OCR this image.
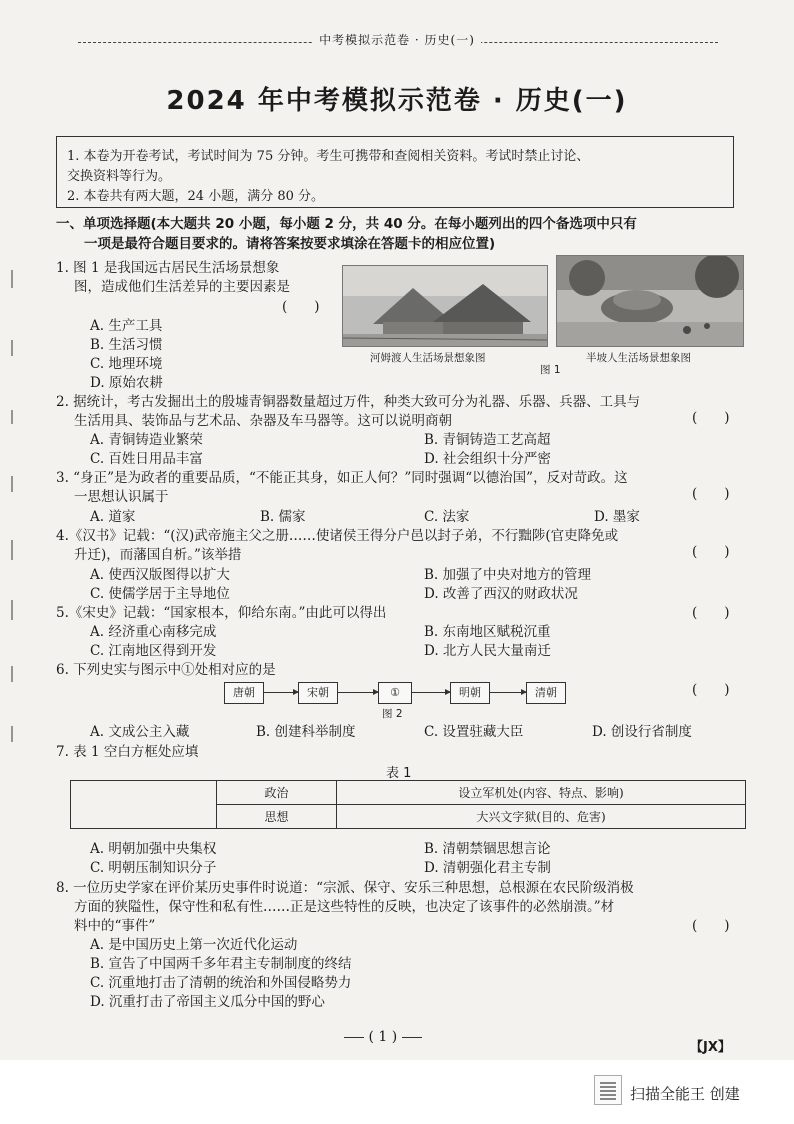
中考模拟示范卷 · 历史(一)
2024 年中考模拟示范卷 · 历史(一)
1. 本卷为开卷考试，考试时间为 75 分钟。考生可携带和查阅相关资料。考试时禁止讨论、
交换资料等行为。
2. 本卷共有两大题，24 小题，满分 80 分。
一、单项选择题(本大题共 20 小题，每小题 2 分，共 40 分。在每小题列出的四个备选项中只有
一项是最符合题目要求的。请将答案按要求填涂在答题卡的相应位置)
1. 图 1 是我国远古居民生活场景想象
图，造成他们生活差异的主要因素是
(　　)
A. 生产工具
B. 生活习惯
C. 地理环境
D. 原始农耕
河姆渡人生活场景想象图	半坡人生活场景想象图
图 1
2. 据统计，考古发掘出土的殷墟青铜器数量超过万件，种类大致可分为礼器、乐器、兵器、工具与
生活用具、装饰品与艺术品、杂器及车马器等。这可以说明商朝	(　　)
A. 青铜铸造业繁荣	B. 青铜铸造工艺高超
C. 百姓日用品丰富	D. 社会组织十分严密
3. “身正”是为政者的重要品质，“不能正其身，如正人何？”同时强调“以德治国”，反对苛政。这
一思想认识属于	(　　)
A. 道家	B. 儒家	C. 法家	D. 墨家
4.《汉书》记载：“(汉)武帝施主父之册……使诸侯王得分户邑以封子弟，不行黜陟(官吏降免或
升迁)，而藩国自析。”该举措	(　　)
A. 使西汉版图得以扩大	B. 加强了中央对地方的管理
C. 使儒学居于主导地位	D. 改善了西汉的财政状况
5.《宋史》记载：“国家根本，仰给东南。”由此可以得出	(　　)
A. 经济重心南移完成	B. 东南地区赋税沉重
C. 江南地区得到开发	D. 北方人民大量南迁
6. 下列史实与图示中①处相对应的是
(　　)
唐朝	宋朝	①	明朝	清朝
图 2
A. 文成公主入藏	B. 创建科举制度	C. 设置驻藏大臣	D. 创设行省制度
7. 表 1 空白方框处应填
表 1
	政治	设立军机处(内容、特点、影响)
	思想	大兴文字狱(目的、危害)
A. 明朝加强中央集权	B. 清朝禁锢思想言论
C. 明朝压制知识分子	D. 清朝强化君主专制
8. 一位历史学家在评价某历史事件时说道：“宗派、保守、安乐三种思想，总根源在农民阶级消极
方面的狭隘性，保守性和私有性……正是这些特性的反映，也决定了该事件的必然崩溃。”材
料中的“事件”	(　　)
A. 是中国历史上第一次近代化运动
B. 宣告了中国两千多年君主专制制度的终结
C. 沉重地打击了清朝的统治和外国侵略势力
D. 沉重打击了帝国主义瓜分中国的野心
( 1 )
【JX】
扫描全能王 创建
